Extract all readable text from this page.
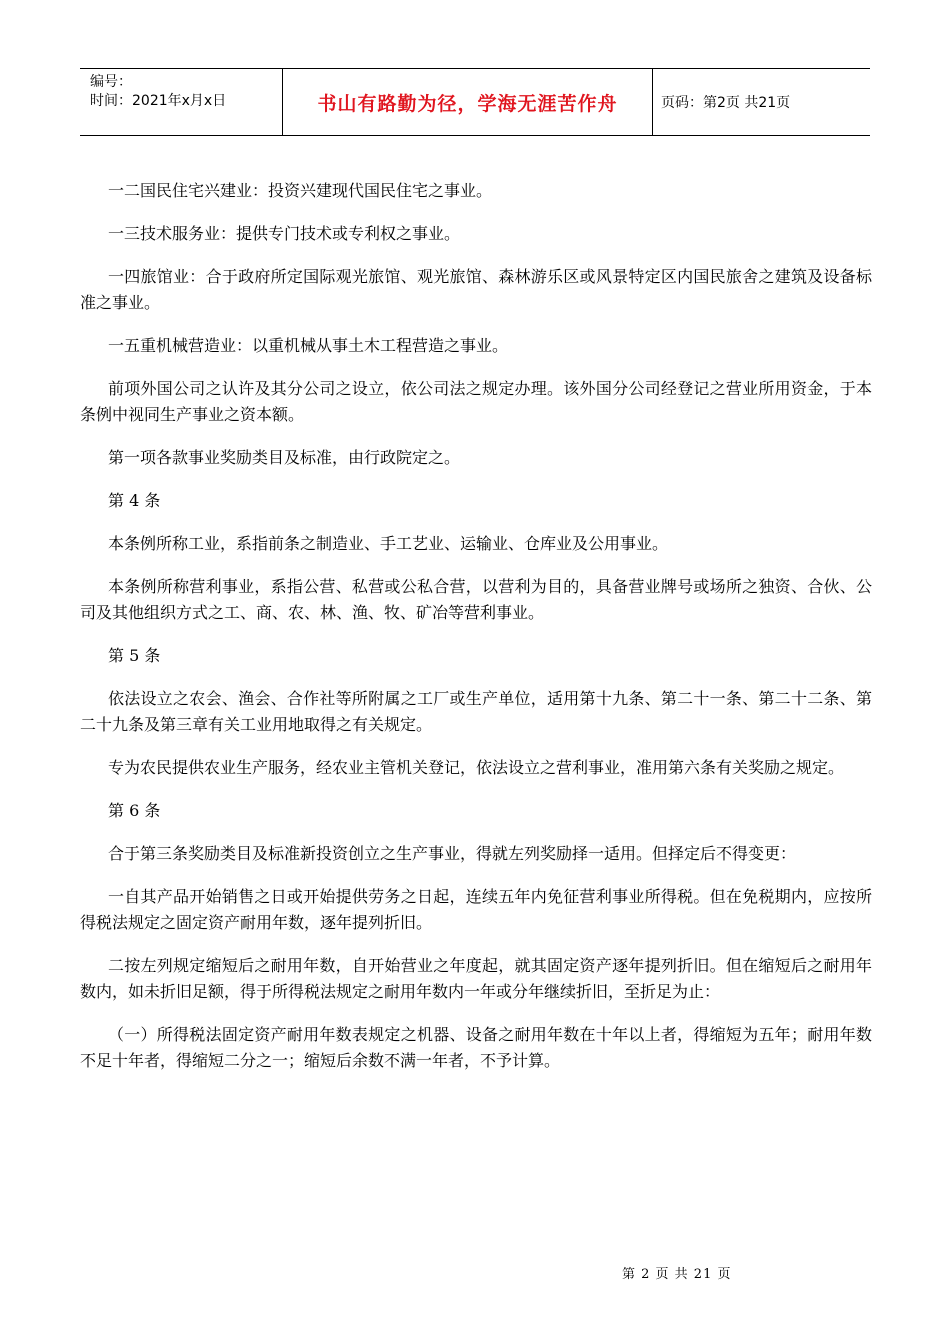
编号：
时间：2021年x月x日	书山有路勤为径，学海无涯苦作舟	页码：第2页 共21页

一二国民住宅兴建业：投资兴建现代国民住宅之事业。

一三技术服务业：提供专门技术或专利权之事业。

一四旅馆业：合于政府所定国际观光旅馆、观光旅馆、森林游乐区或风景特定区内国民旅舍之建筑及设备标准之事业。

一五重机械营造业：以重机械从事土木工程营造之事业。

前项外国公司之认许及其分公司之设立，依公司法之规定办理。该外国分公司经登记之营业所用资金，于本条例中视同生产事业之资本额。

第一项各款事业奖励类目及标准，由行政院定之。

第 4 条

本条例所称工业，系指前条之制造业、手工艺业、运输业、仓库业及公用事业。

本条例所称营利事业，系指公营、私营或公私合营，以营利为目的，具备营业牌号或场所之独资、合伙、公司及其他组织方式之工、商、农、林、渔、牧、矿冶等营利事业。

第 5 条

依法设立之农会、渔会、合作社等所附属之工厂或生产单位，适用第十九条、第二十一条、第二十二条、第二十九条及第三章有关工业用地取得之有关规定。

专为农民提供农业生产服务，经农业主管机关登记，依法设立之营利事业，准用第六条有关奖励之规定。

第 6 条

合于第三条奖励类目及标准新投资创立之生产事业，得就左列奖励择一适用。但择定后不得变更：

一自其产品开始销售之日或开始提供劳务之日起，连续五年内免征营利事业所得税。但在免税期内，应按所得税法规定之固定资产耐用年数，逐年提列折旧。

二按左列规定缩短后之耐用年数，自开始营业之年度起，就其固定资产逐年提列折旧。但在缩短后之耐用年数内，如未折旧足额，得于所得税法规定之耐用年数内一年或分年继续折旧，至折足为止：

（一）所得税法固定资产耐用年数表规定之机器、设备之耐用年数在十年以上者，得缩短为五年；耐用年数不足十年者，得缩短二分之一；缩短后余数不满一年者，不予计算。

第 2 页 共 21 页
